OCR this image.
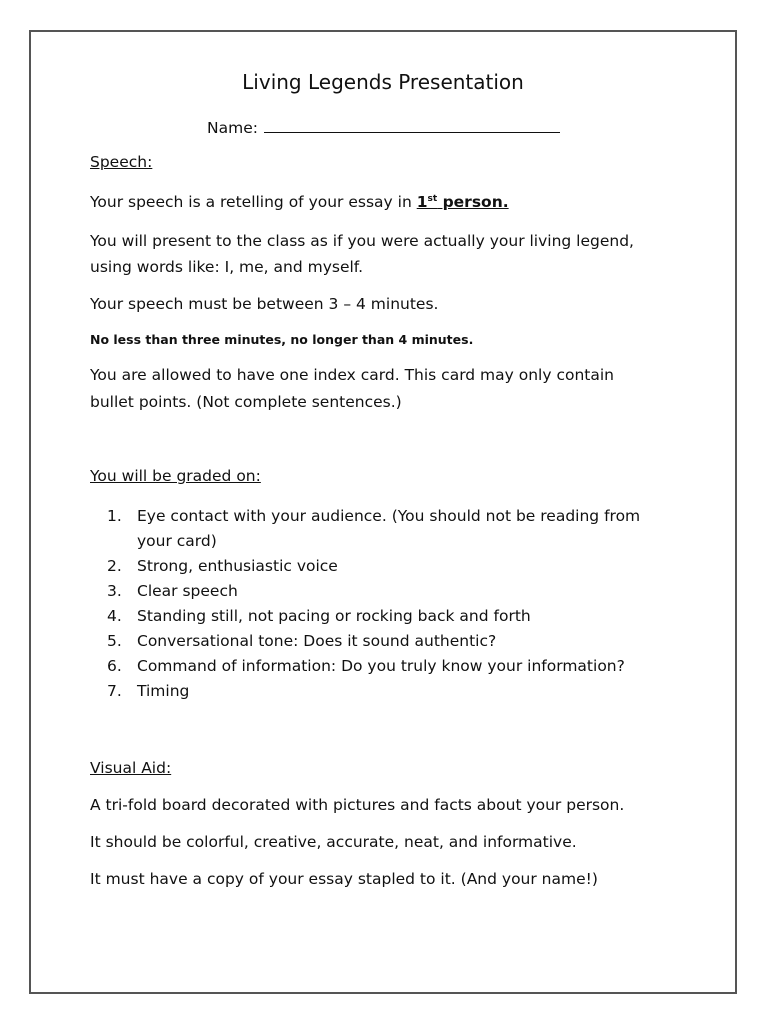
Living Legends Presentation
Name:

Speech:

Your speech is a retelling of your essay in 1st person.

You will present to the class as if you were actually your living legend,

using words like: I, me, and myself.

Your speech must be between 3 – 4 minutes.

No less than three minutes, no longer than 4 minutes.

You are allowed to have one index card. This card may only contain

bullet points. (Not complete sentences.)

You will be graded on:

1. Eye contact with your audience. (You should not be reading from
your card)
2. Strong, enthusiastic voice
3. Clear speech
4. Standing still, not pacing or rocking back and forth
5. Conversational tone: Does it sound authentic?
6. Command of information: Do you truly know your information?
7. Timing

Visual Aid:

A tri-fold board decorated with pictures and facts about your person.

It should be colorful, creative, accurate, neat, and informative.

It must have a copy of your essay stapled to it. (And your name!)
